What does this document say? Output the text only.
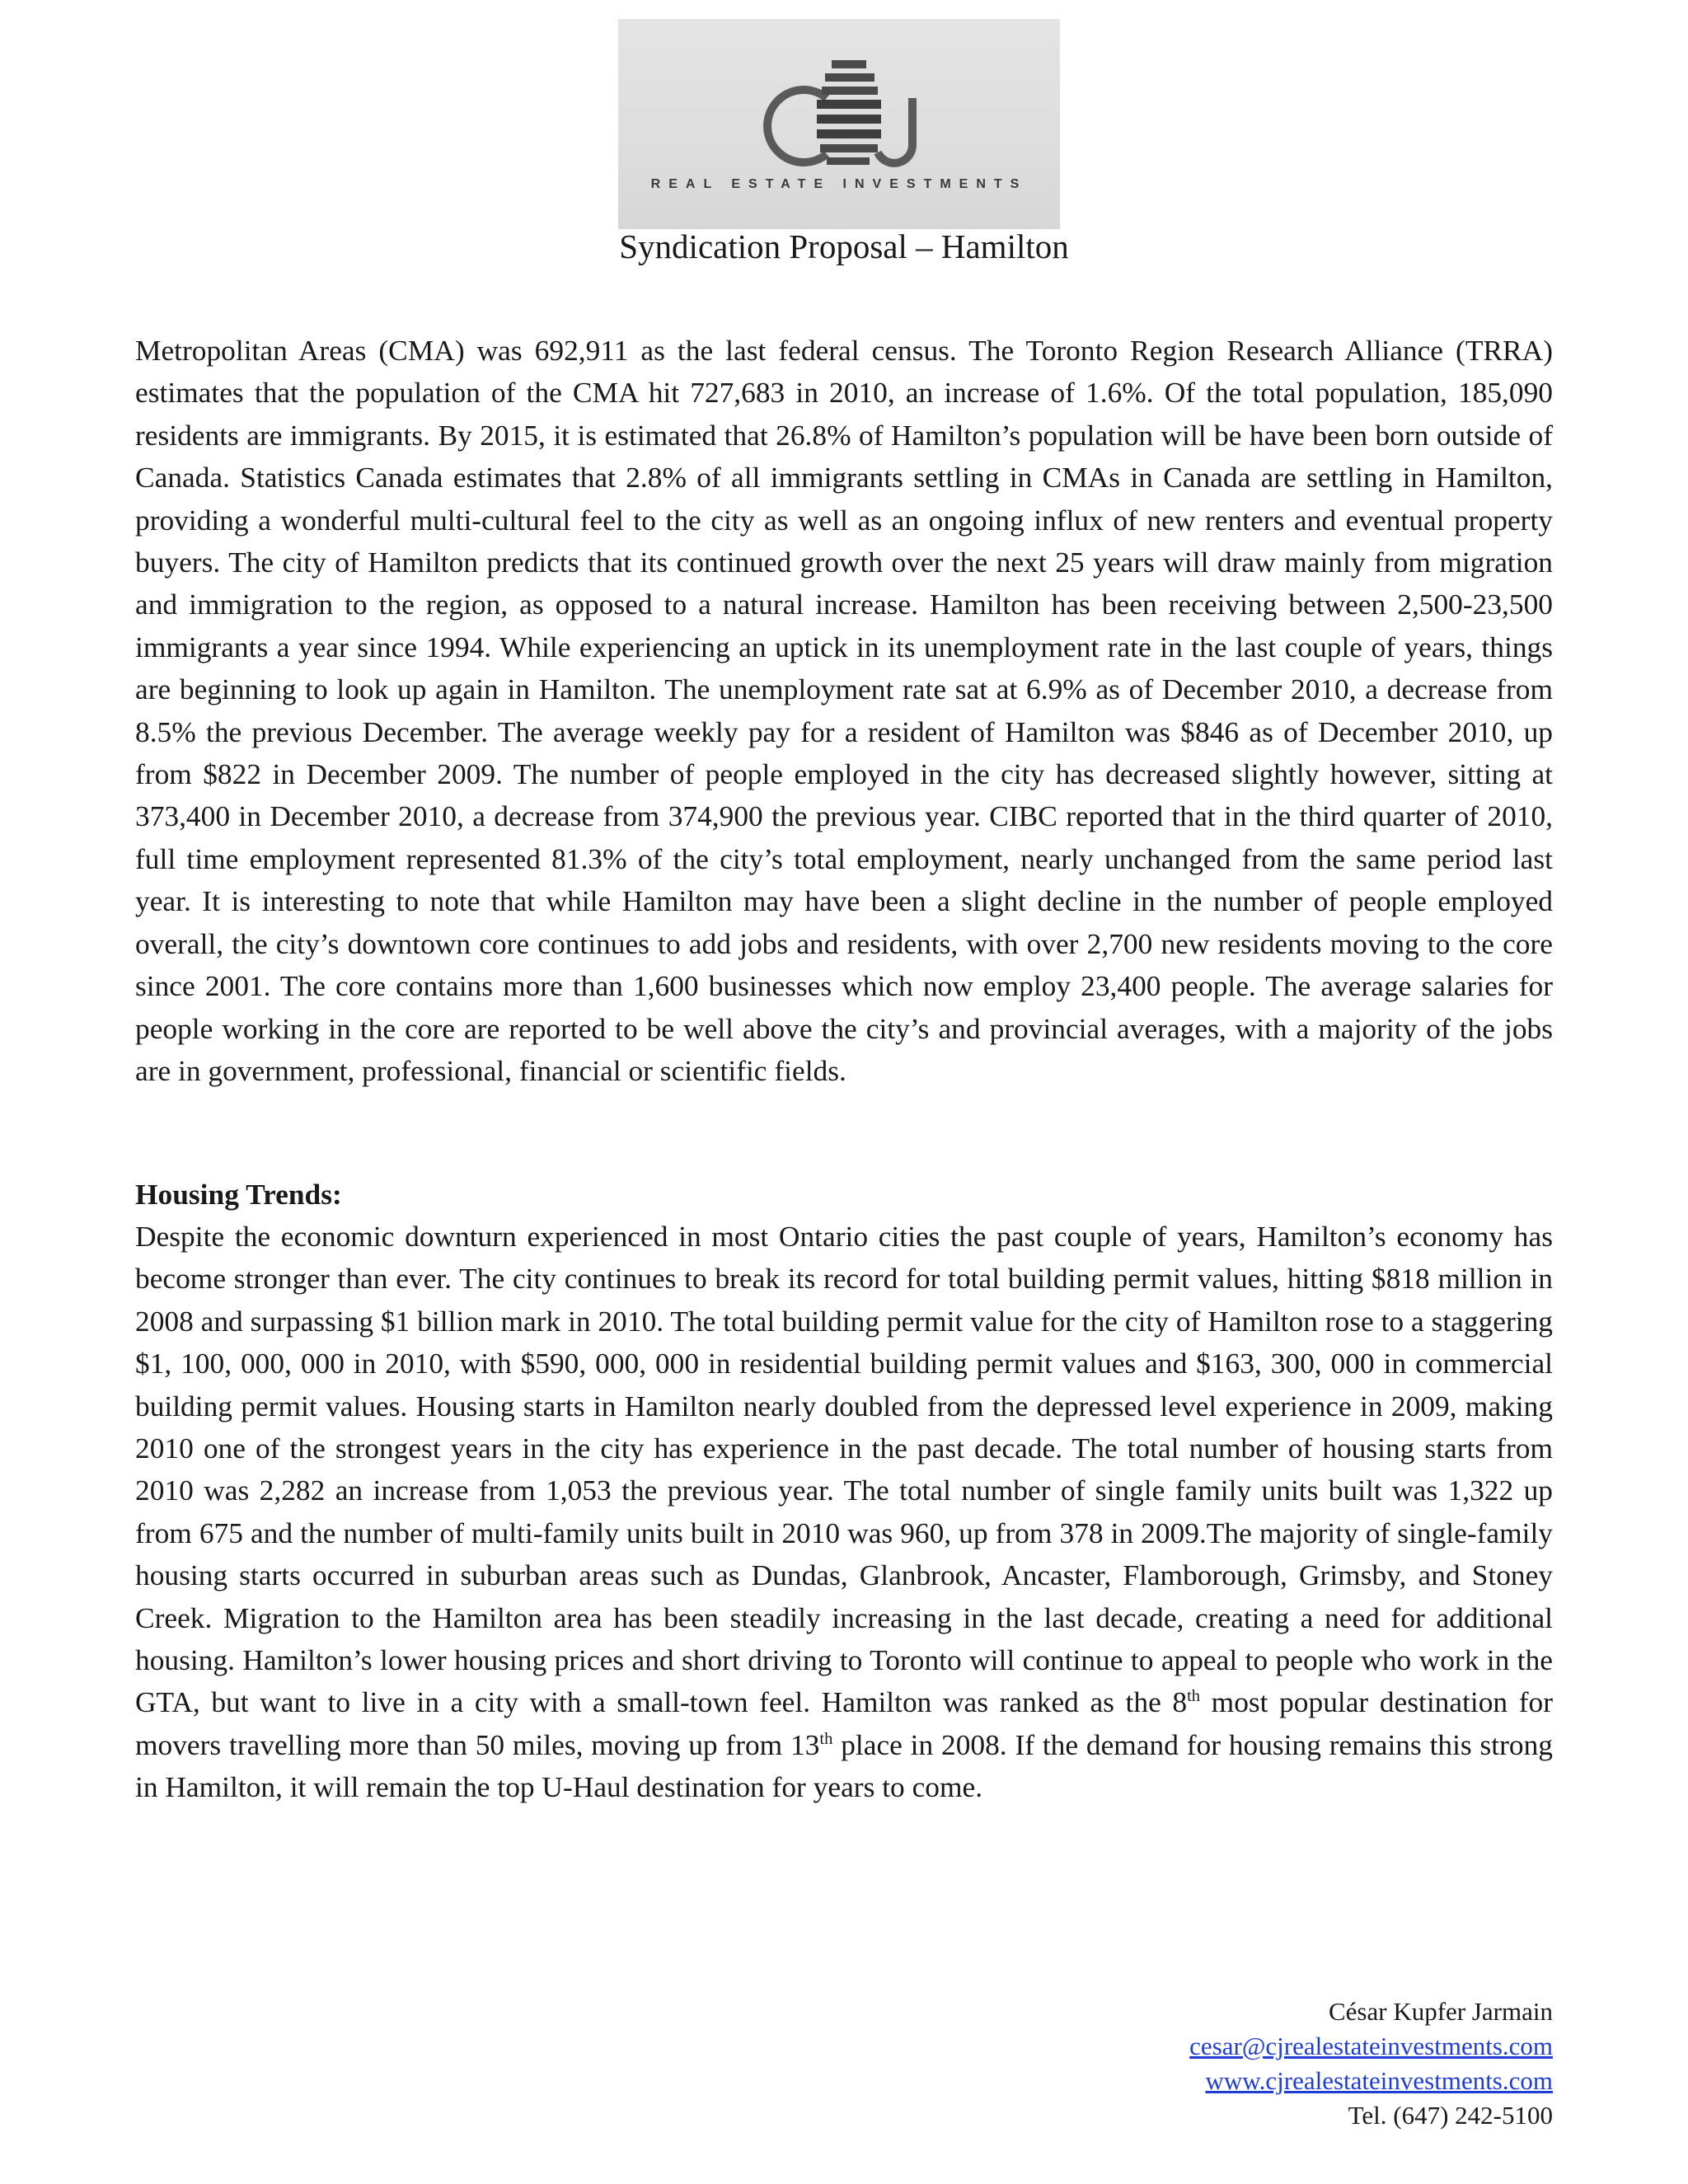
REAL ESTATE INVESTMENTS
Syndication Proposal – Hamilton

Metropolitan Areas (CMA) was 692,911 as the last federal census. The Toronto Region Research Alliance (TRRA) estimates that the population of the CMA hit 727,683 in 2010, an increase of 1.6%. Of the total population, 185,090 residents are immigrants. By 2015, it is estimated that 26.8% of Hamilton’s population will be have been born outside of Canada. Statistics Canada estimates that 2.8% of all immigrants settling in CMAs in Canada are settling in Hamilton, providing a wonderful multi-cultural feel to the city as well as an ongoing influx of new renters and eventual property buyers. The city of Hamilton predicts that its continued growth over the next 25 years will draw mainly from migration and immigration to the region, as opposed to a natural increase. Hamilton has been receiving between 2,500-23,500 immigrants a year since 1994. While experiencing an uptick in its unemployment rate in the last couple of years, things are beginning to look up again in Hamilton. The unemployment rate sat at 6.9% as of December 2010, a decrease from 8.5% the previous December. The average weekly pay for a resident of Hamilton was $846 as of December 2010, up from $822 in December 2009. The number of people employed in the city has decreased slightly however, sitting at 373,400 in December 2010, a decrease from 374,900 the previous year. CIBC reported that in the third quarter of 2010, full time employment represented 81.3% of the city’s total employment, nearly unchanged from the same period last year. It is interesting to note that while Hamilton may have been a slight decline in the number of people employed overall, the city’s downtown core continues to add jobs and residents, with over 2,700 new residents moving to the core since 2001. The core contains more than 1,600 businesses which now employ 23,400 people. The average salaries for people working in the core are reported to be well above the city’s and provincial averages, with a majority of the jobs are in government, professional, financial or scientific fields.

Housing Trends:

Despite the economic downturn experienced in most Ontario cities the past couple of years, Hamilton’s economy has become stronger than ever. The city continues to break its record for total building permit values, hitting $818 million in 2008 and surpassing $1 billion mark in 2010. The total building permit value for the city of Hamilton rose to a staggering $1, 100, 000, 000 in 2010, with $590, 000, 000 in residential building permit values and $163, 300, 000 in commercial building permit values. Housing starts in Hamilton nearly doubled from the depressed level experience in 2009, making 2010 one of the strongest years in the city has experience in the past decade. The total number of housing starts from 2010 was 2,282 an increase from 1,053 the previous year. The total number of single family units built was 1,322 up from 675 and the number of multi-family units built in 2010 was 960, up from 378 in 2009.The majority of single-family housing starts occurred in suburban areas such as Dundas, Glanbrook, Ancaster, Flamborough, Grimsby, and Stoney Creek. Migration to the Hamilton area has been steadily increasing in the last decade, creating a need for additional housing. Hamilton’s lower housing prices and short driving to Toronto will continue to appeal to people who work in the GTA, but want to live in a city with a small-town feel. Hamilton was ranked as the 8th most popular destination for movers travelling more than 50 miles, moving up from 13th place in 2008. If the demand for housing remains this strong in Hamilton, it will remain the top U-Haul destination for years to come.

César Kupfer Jarmain
cesar@cjrealestateinvestments.com
www.cjrealestateinvestments.com
Tel. (647) 242-5100
